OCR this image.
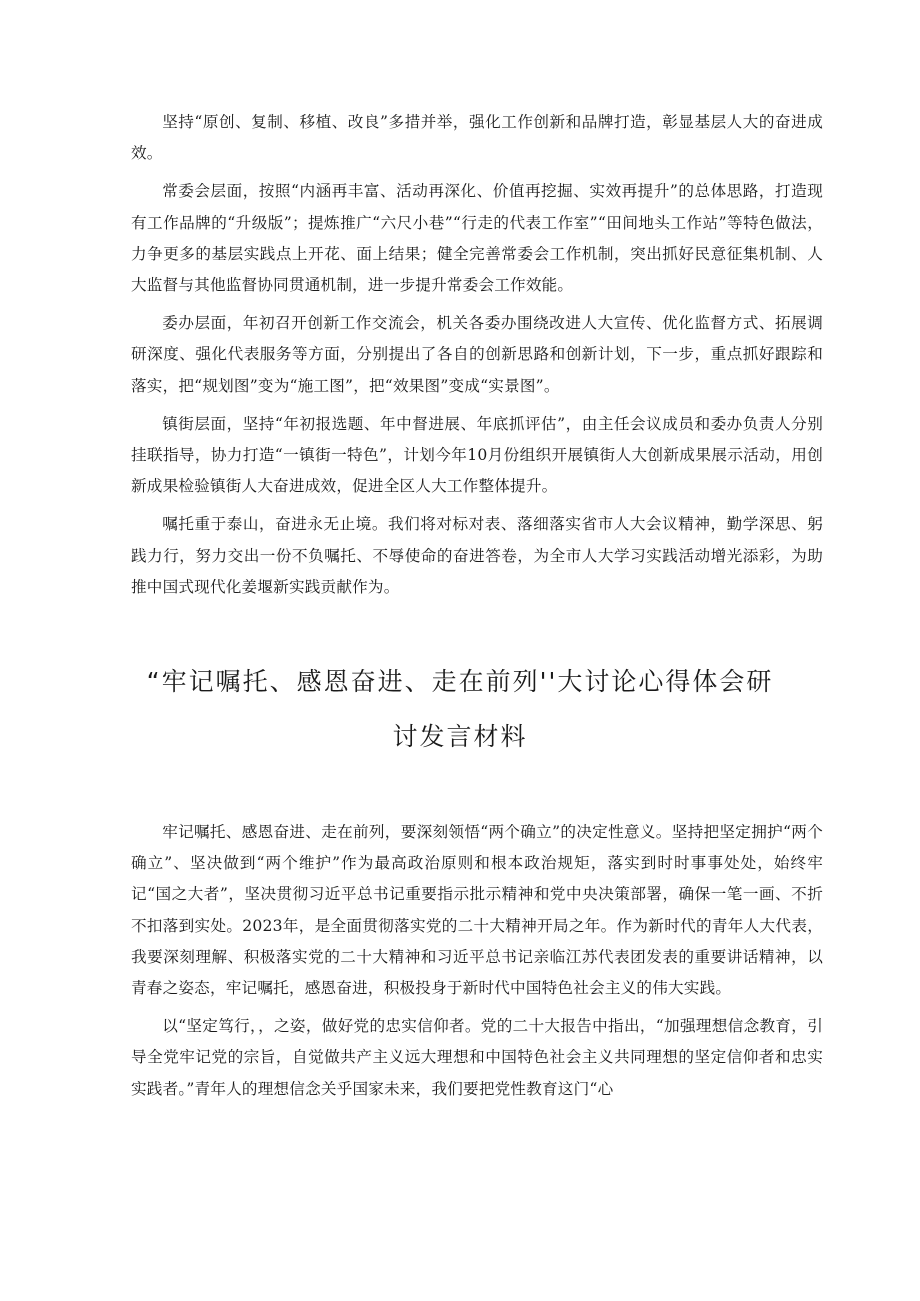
坚持“原创、复制、移植、改良”多措并举，强化工作创新和品牌打造，彰显基层人大的奋进成效。

常委会层面，按照“内涵再丰富、活动再深化、价值再挖掘、实效再提升”的总体思路，打造现有工作品牌的“升级版”；提炼推广“六尺小巷”“行走的代表工作室”“田间地头工作站”等特色做法，力争更多的基层实践点上开花、面上结果；健全完善常委会工作机制，突出抓好民意征集机制、人大监督与其他监督协同贯通机制，进一步提升常委会工作效能。

委办层面，年初召开创新工作交流会，机关各委办围绕改进人大宣传、优化监督方式、拓展调研深度、强化代表服务等方面，分别提出了各自的创新思路和创新计划，下一步，重点抓好跟踪和落实，把“规划图”变为“施工图”，把“效果图”变成“实景图”。

镇街层面，坚持“年初报选题、年中督进展、年底抓评估”，由主任会议成员和委办负责人分别挂联指导，协力打造“一镇街一特色”，计划今年10月份组织开展镇街人大创新成果展示活动，用创新成果检验镇街人大奋进成效，促进全区人大工作整体提升。

嘱托重于泰山，奋进永无止境。我们将对标对表、落细落实省市人大会议精神，勤学深思、躬践力行，努力交出一份不负嘱托、不辱使命的奋进答卷，为全市人大学习实践活动增光添彩，为助推中国式现代化姜堰新实践贡献作为。

“牢记嘱托、感恩奋进、走在前列''大讨论心得体会研
讨发言材料

牢记嘱托、感恩奋进、走在前列，要深刻领悟“两个确立”的决定性意义。坚持把坚定拥护“两个确立”、坚决做到“两个维护”作为最高政治原则和根本政治规矩，落实到时时事事处处，始终牢记“国之大者”，坚决贯彻习近平总书记重要指示批示精神和党中央决策部署，确保一笔一画、不折不扣落到实处。2023年，是全面贯彻落实党的二十大精神开局之年。作为新时代的青年人大代表，我要深刻理解、积极落实党的二十大精神和习近平总书记亲临江苏代表团发表的重要讲话精神，以青春之姿态，牢记嘱托，感恩奋进，积极投身于新时代中国特色社会主义的伟大实践。

以“坚定笃行，，之姿，做好党的忠实信仰者。党的二十大报告中指出，“加强理想信念教育，引导全党牢记党的宗旨，自觉做共产主义远大理想和中国特色社会主义共同理想的坚定信仰者和忠实实践者。”青年人的理想信念关乎国家未来，我们要把党性教育这门“心
